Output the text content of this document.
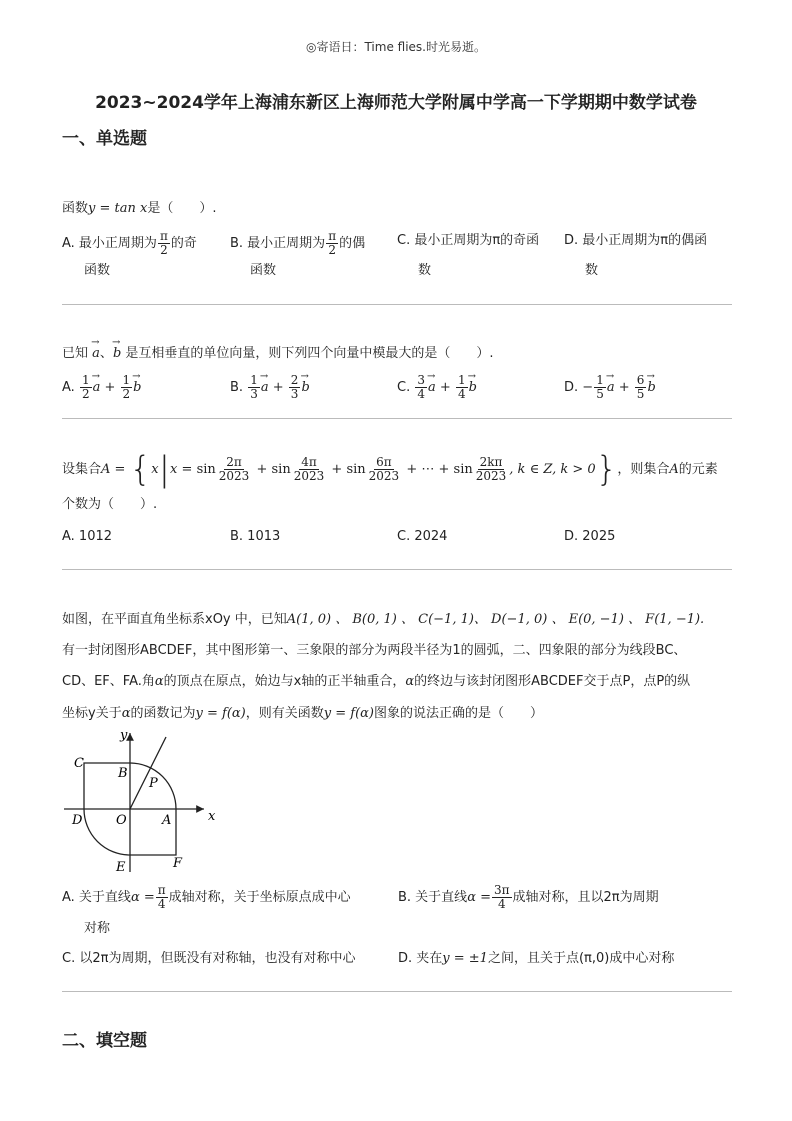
◎寄语日：Time flies.时光易逝。
2023~2024学年上海浦东新区上海师范大学附属中学高一下学期期中数学试卷
一、单选题
函数y = tan x是（　　）.
A. 最小正周期为 $\frac{\pi}{2}$ 的奇
函数
B. 最小正周期为 $\frac{\pi}{2}$ 的偶
函数
C. 最小正周期为π的奇函
数
D. 最小正周期为π的偶函
数
已知 → a、→ b 是互相垂直的单位向量，则下列四个向量中模最大的是（　　）.
A. $\frac{1}{2}$
→ $a + \frac{1}{2}$
→ b	B. $\frac{1}{3}$
→ $a + \frac{2}{3}$
→ b	C. $\frac{3}{4}$
→ $a + \frac{1}{4}$
→ b	D. − $\frac{1}{5}$
→ $a + \frac{6}{5}$
→ b
设集合$A = \{x|x = \sin \frac{2\pi}{2023} + \sin \frac{4\pi}{2023} + \sin \frac{6\pi}{2023}$ + ⋯ + $\sin \frac{2k\pi}{2023}$ , k ∈ Z, k > 0}，则集合A的元素
个数为（　　）.
A. 1012	B. 1013	C. 2024	D. 2025
如图，在平面直角坐标系xOy 中，已知A(1, 0) 、 B(0, 1) 、 C(−1, 1)、 D(−1, 0) 、 E(0, −1) 、 F(1, −1).
有一封闭图形ABCDEF，其中图形第一、三象限的部分为两段半径为1的圆弧，二、四象限的部分为线段BC、
CD、EF、FA.角α的顶点在原点，始边与x轴的正半轴重合，α的终边与该封闭图形ABCDEF交于点P，点P的纵
坐标y关于α的函数记为y = f(α)，则有关函数y = f(α)图象的说法正确的是（　　）
y
x
C
B
P
D	O	A
E	F
A. 关于直线$\alpha = \frac{\pi}{4}$ 成轴对称，关于坐标原点成中心
对称
B. 关于直线$\alpha = \frac{3\pi}{4}$ 成轴对称，且以2π为周期
C. 以2π为周期，但既没有对称轴，也没有对称中心	D. 夹在y = ±1之间，且关于点(π,0)成中心对称
二、填空题
